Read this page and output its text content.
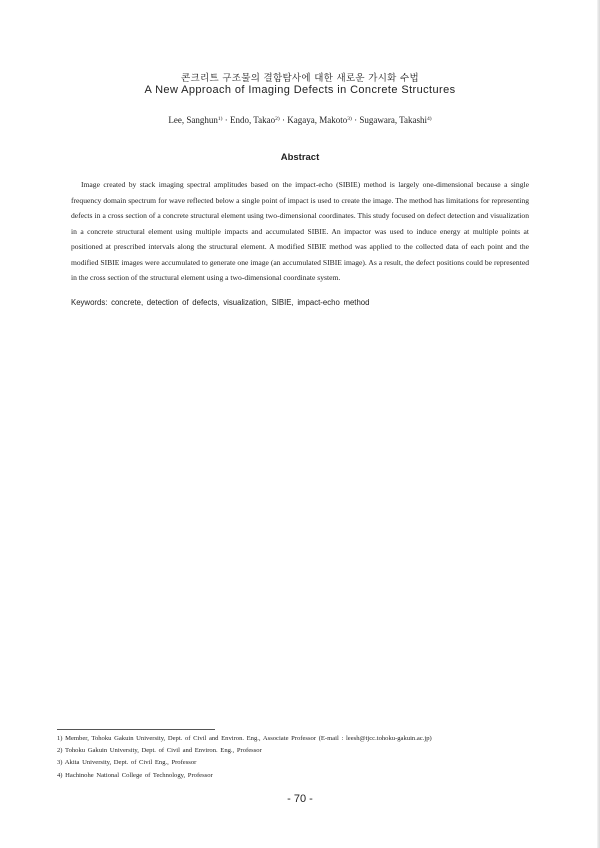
콘크리트 구조물의 결함탐사에 대한 새로운 가시화 수법
A New Approach of Imaging Defects in Concrete Structures
Lee, Sanghun$^{1)}$ · Endo, Takao$^{2)}$ · Kagaya, Makoto$^{3)}$ · Sugawara, Takashi$^{4)}$
Abstract

Image created by stack imaging spectral amplitudes based on the impact-echo (SIBIE) method is largely one-dimensional because a single frequency domain spectrum for wave reflected below a single point of impact is used to create the image. The method has limitations for representing defects in a cross section of a concrete structural element using two-dimensional coordinates. This study focused on defect detection and visualization in a concrete structural element using multiple impacts and accumulated SIBIE. An impactor was used to induce energy at multiple points at positioned at prescribed intervals along the structural element. A modified SIBIE method was applied to the collected data of each point and the modified SIBIE images were accumulated to generate one image (an accumulated SIBIE image). As a result, the defect positions could be represented in the cross section of the structural element using a two-dimensional coordinate system.

Keywords: concrete, detection of defects, visualization, SIBIE, impact-echo method
1) Member, Tohoku Gakuin University, Dept. of Civil and Environ. Eng., Associate Professor (E-mail : leesh@tjcc.tohoku-gakuin.ac.jp)
2) Tohoku Gakuin University, Dept. of Civil and Environ. Eng., Professor
3) Akita University, Dept. of Civil Eng., Professor
4) Hachinohe National College of Technology, Professor
- 70 -
